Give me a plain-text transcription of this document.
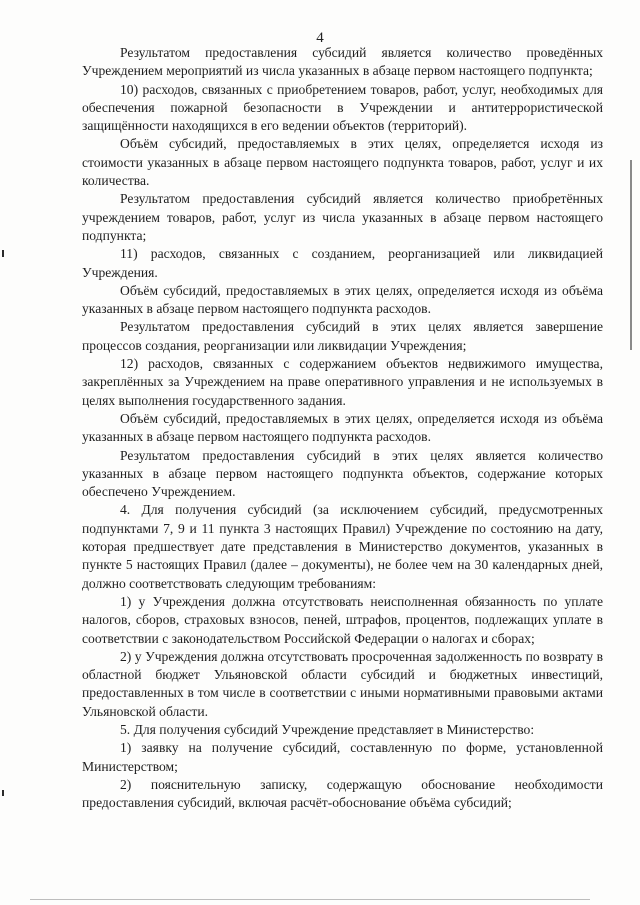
4

Результатом предоставления субсидий является количество проведённых Учреждением мероприятий из числа указанных в абзаце первом настоящего подпункта;

10) расходов, связанных с приобретением товаров, работ, услуг, необходимых для обеспечения пожарной безопасности в Учреждении и антитеррористической защищённости находящихся в его ведении объектов (территорий).

Объём субсидий, предоставляемых в этих целях, определяется исходя из стоимости указанных в абзаце первом настоящего подпункта товаров, работ, услуг и их количества.

Результатом предоставления субсидий является количество приобретённых учреждением товаров, работ, услуг из числа указанных в абзаце первом настоящего подпункта;

11) расходов, связанных с созданием, реорганизацией или ликвидацией Учреждения.

Объём субсидий, предоставляемых в этих целях, определяется исходя из объёма указанных в абзаце первом настоящего подпункта расходов.

Результатом предоставления субсидий в этих целях является завершение процессов создания, реорганизации или ликвидации Учреждения;

12) расходов, связанных с содержанием объектов недвижимого имущества, закреплённых за Учреждением на праве оперативного управления и не используемых в целях выполнения государственного задания.

Объём субсидий, предоставляемых в этих целях, определяется исходя из объёма указанных в абзаце первом настоящего подпункта расходов.

Результатом предоставления субсидий в этих целях является количество указанных в абзаце первом настоящего подпункта объектов, содержание которых обеспечено Учреждением.

4. Для получения субсидий (за исключением субсидий, предусмотренных подпунктами 7, 9 и 11 пункта 3 настоящих Правил) Учреждение по состоянию на дату, которая предшествует дате представления в Министерство документов, указанных в пункте 5 настоящих Правил (далее – документы), не более чем на 30 календарных дней, должно соответствовать следующим требованиям:

1) у Учреждения должна отсутствовать неисполненная обязанность по уплате налогов, сборов, страховых взносов, пеней, штрафов, процентов, подлежащих уплате в соответствии с законодательством Российской Федерации о налогах и сборах;

2) у Учреждения должна отсутствовать просроченная задолженность по возврату в областной бюджет Ульяновской области субсидий и бюджетных инвестиций, предоставленных в том числе в соответствии с иными нормативными правовыми актами Ульяновской области.

5. Для получения субсидий Учреждение представляет в Министерство:

1) заявку на получение субсидий, составленную по форме, установленной Министерством;

2) пояснительную записку, содержащую обоснование необходимости предоставления субсидий, включая расчёт-обоснование объёма субсидий;
